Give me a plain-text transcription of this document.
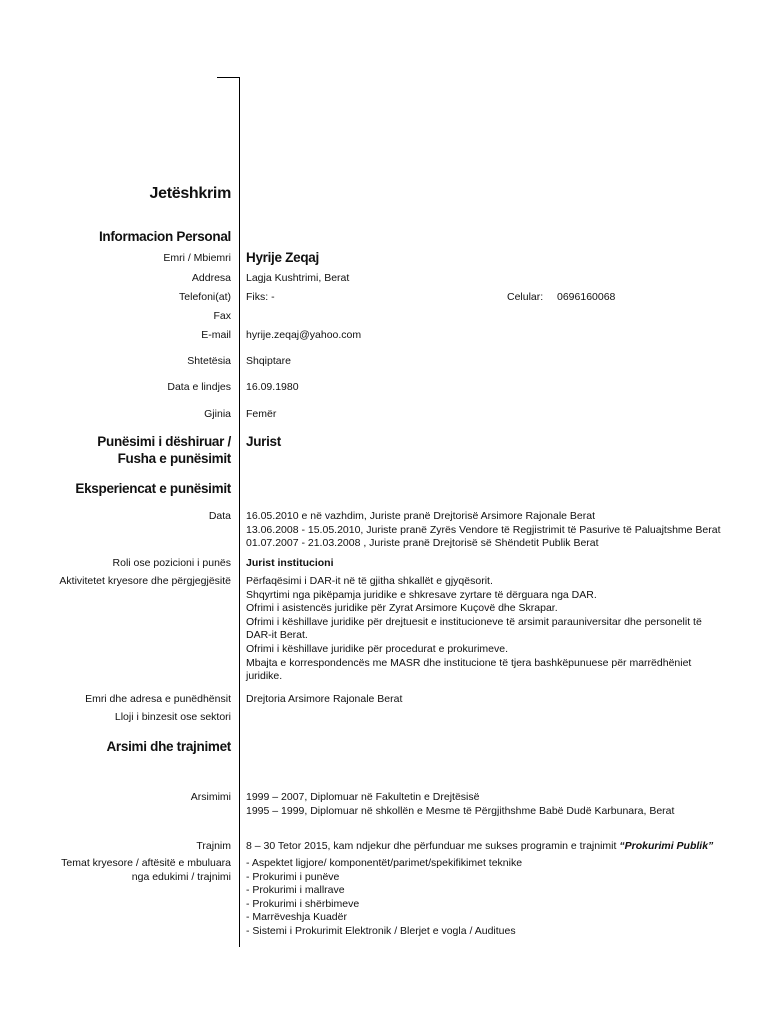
Jetëshkrim
Informacion Personal
Emri / Mbiemri Hyrije Zeqaj
Addresa Lagja Kushtrimi, Berat
Telefoni(at) Fiks: -	Celular: 0696160068
Fax
E-mail hyrije.zeqaj@yahoo.com
Shtetësia Shqiptare
Data e lindjes 16.09.1980
Gjinia Femër
Punësimi i dëshiruar /
Fusha e punësimit
Jurist
Eksperiencat e punësimit
Data 16.05.2010 e në vazhdim, Juriste pranë Drejtorisë Arsimore Rajonale Berat
13.06.2008 - 15.05.2010, Juriste pranë Zyrës Vendore të Regjistrimit të Pasurive të Paluajtshme Berat
01.07.2007 - 21.03.2008 , Juriste pranë Drejtorisë së Shëndetit Publik Berat
Roli ose pozicioni i punës Jurist institucioni
Aktivitetet kryesore dhe përgjegjësitë Përfaqësimi i DAR-it në të gjitha shkallët e gjyqësorit.
Shqyrtimi nga pikëpamja juridike e shkresave zyrtare të dërguara nga DAR.
Ofrimi i asistencës juridike për Zyrat Arsimore Kuçovë dhe Skrapar.
Ofrimi i këshillave juridike për drejtuesit e institucioneve të arsimit parauniversitar dhe personelit të
DAR-it Berat.
Ofrimi i këshillave juridike për procedurat e prokurimeve.
Mbajta e korrespondencës me MASR dhe institucione të tjera bashkëpunuese për marrëdhëniet
juridike.
Emri dhe adresa e punëdhënsit Drejtoria Arsimore Rajonale Berat
Lloji i binzesit ose sektori
Arsimi dhe trajnimet
Arsimimi 1999 – 2007, Diplomuar në Fakultetin e Drejtësisë
1995 – 1999, Diplomuar në shkollën e Mesme të Përgjithshme Babë Dudë Karbunara, Berat
Trajnim 8 – 30 Tetor 2015, kam ndjekur dhe përfunduar me sukses programin e trajnimit “Prokurimi Publik”
Temat kryesore / aftësitë e mbuluara
nga edukimi / trajnimi
- Aspektet ligjore/ komponentët/parimet/spekifikimet teknike
- Prokurimi i punëve
- Prokurimi i mallrave
- Prokurimi i shërbimeve
- Marrëveshja Kuadër
- Sistemi i Prokurimit Elektronik / Blerjet e vogla / Auditues
